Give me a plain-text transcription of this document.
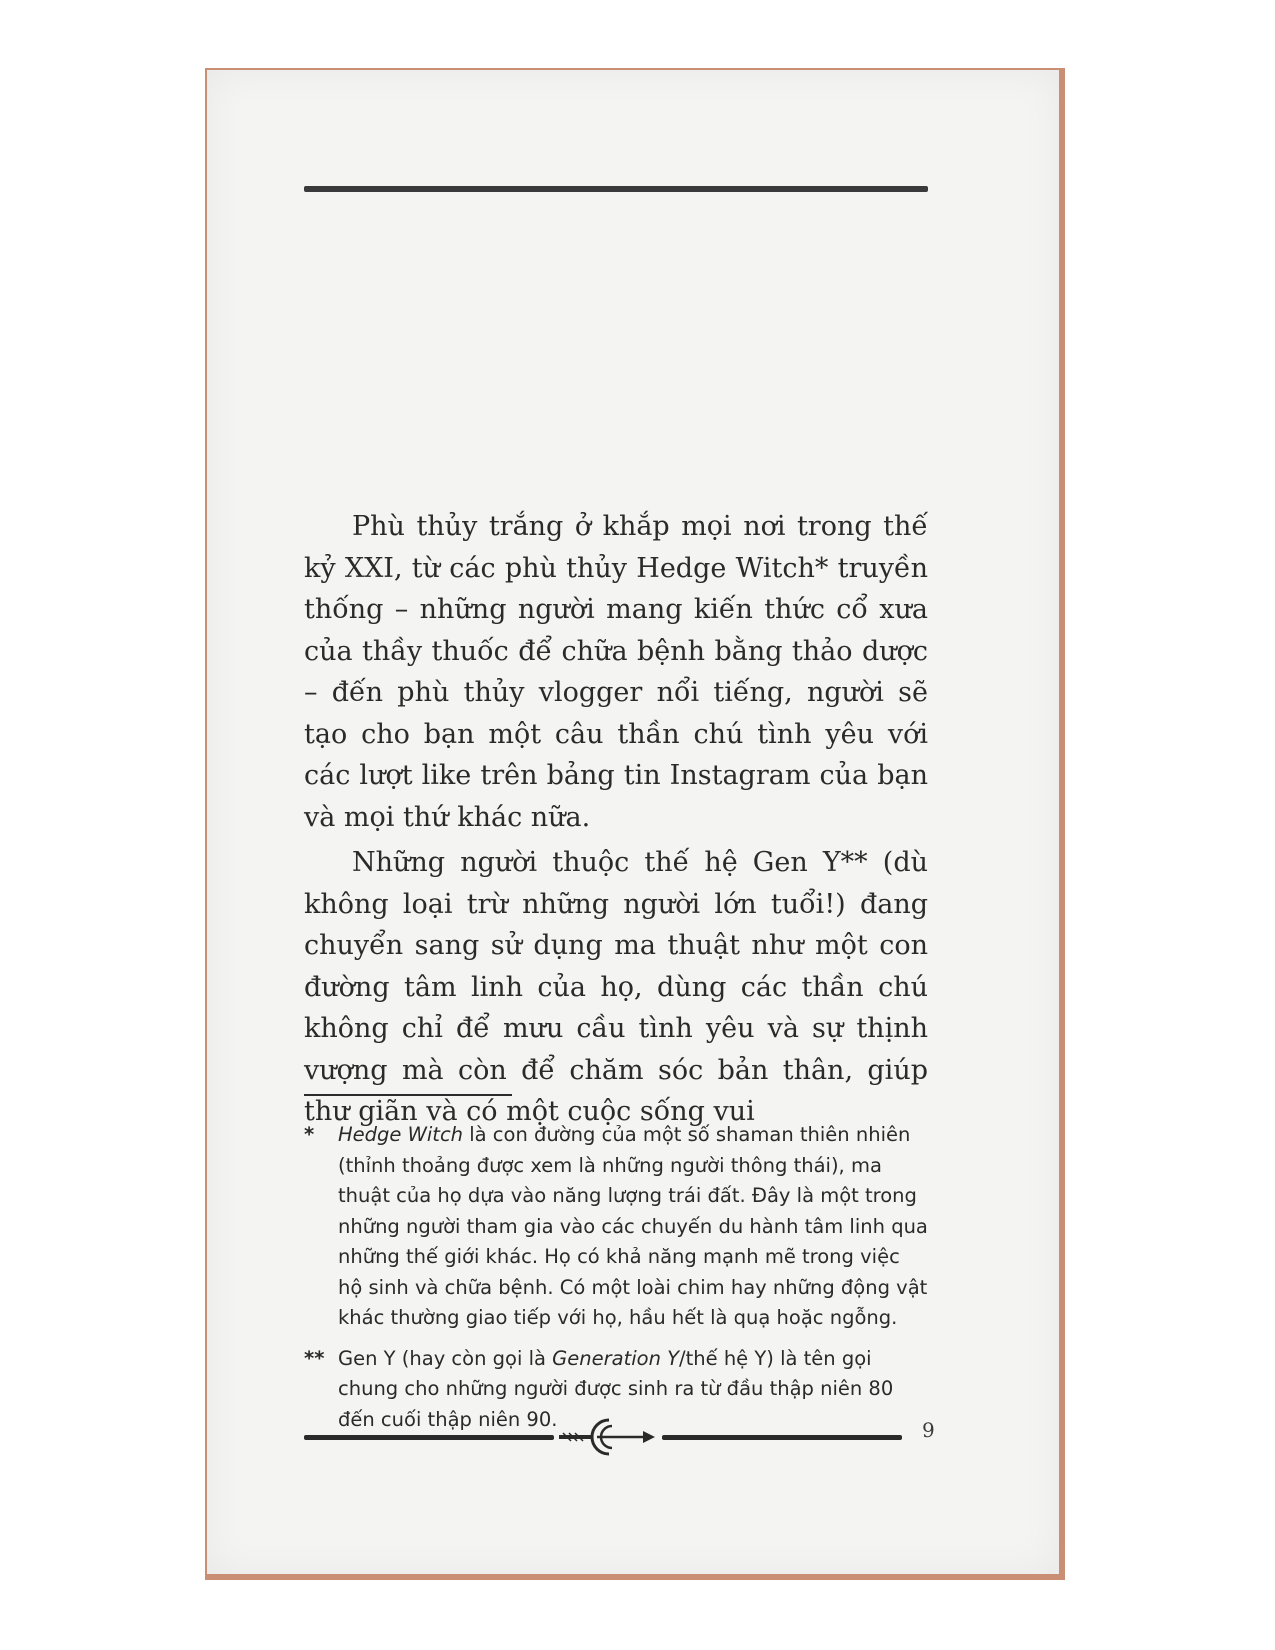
Phù thủy trắng ở khắp mọi nơi trong thế kỷ XXI, từ các phù thủy Hedge Witch* truyền thống – những người mang kiến thức cổ xưa của thầy thuốc để chữa bệnh bằng thảo dược – đến phù thủy vlogger nổi tiếng, người sẽ tạo cho bạn một câu thần chú tình yêu với các lượt like trên bảng tin Instagram của bạn và mọi thứ khác nữa.

Những người thuộc thế hệ Gen Y** (dù không loại trừ những người lớn tuổi!) đang chuyển sang sử dụng ma thuật như một con đường tâm linh của họ, dùng các thần chú không chỉ để mưu cầu tình yêu và sự thịnh vượng mà còn để chăm sóc bản thân, giúp thư giãn và có một cuộc sống vui

*	Hedge Witch là con đường của một số shaman thiên nhiên (thỉnh thoảng được xem là những người thông thái), ma thuật của họ dựa vào năng lượng trái đất. Đây là một trong những người tham gia vào các chuyến du hành tâm linh qua những thế giới khác. Họ có khả năng mạnh mẽ trong việc hộ sinh và chữa bệnh. Có một loài chim hay những động vật khác thường giao tiếp với họ, hầu hết là quạ hoặc ngỗng.
** Gen Y (hay còn gọi là Generation Y/thế hệ Y) là tên gọi chung cho những người được sinh ra từ đầu thập niên 80 đến cuối thập niên 90.	9
